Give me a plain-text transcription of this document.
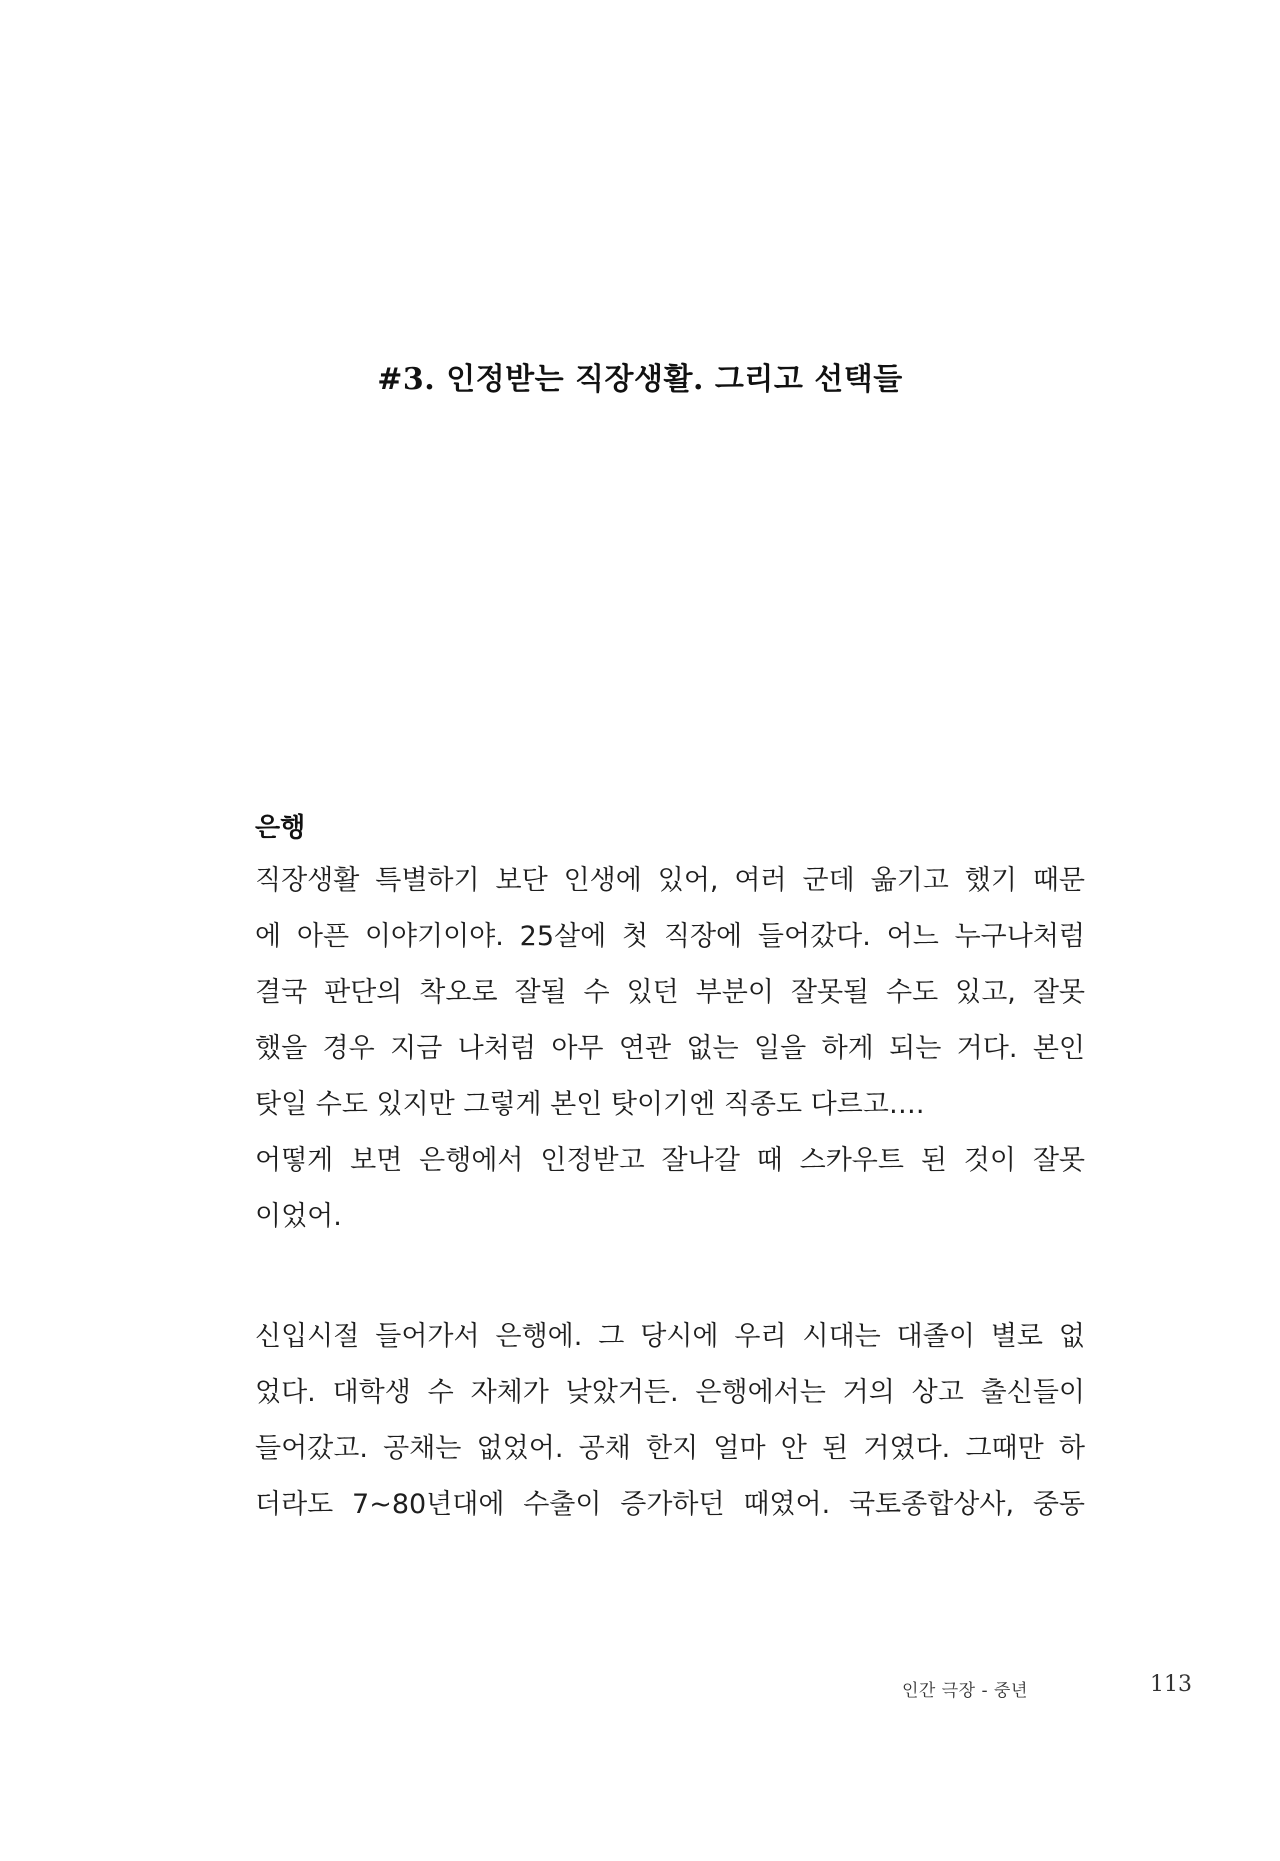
#3. 인정받는 직장생활. 그리고 선택들
은행

직장생활 특별하기 보단 인생에 있어, 여러 군데 옮기고 했기 때문
에 아픈 이야기이야. 25살에 첫 직장에 들어갔다. 어느 누구나처럼
결국 판단의 착오로 잘될 수 있던 부분이 잘못될 수도 있고, 잘못
했을 경우 지금 나처럼 아무 연관 없는 일을 하게 되는 거다. 본인
탓일 수도 있지만 그렇게 본인 탓이기엔 직종도 다르고….
어떻게 보면 은행에서 인정받고 잘나갈 때 스카우트 된 것이 잘못
이었어.

신입시절 들어가서 은행에. 그 당시에 우리 시대는 대졸이 별로 없
었다. 대학생 수 자체가 낮았거든. 은행에서는 거의 상고 출신들이
들어갔고. 공채는 없었어. 공채 한지 얼마 안 된 거였다. 그때만 하
더라도 7~80년대에 수출이 증가하던 때였어. 국토종합상사, 중동

인간 극장 - 중년	113
